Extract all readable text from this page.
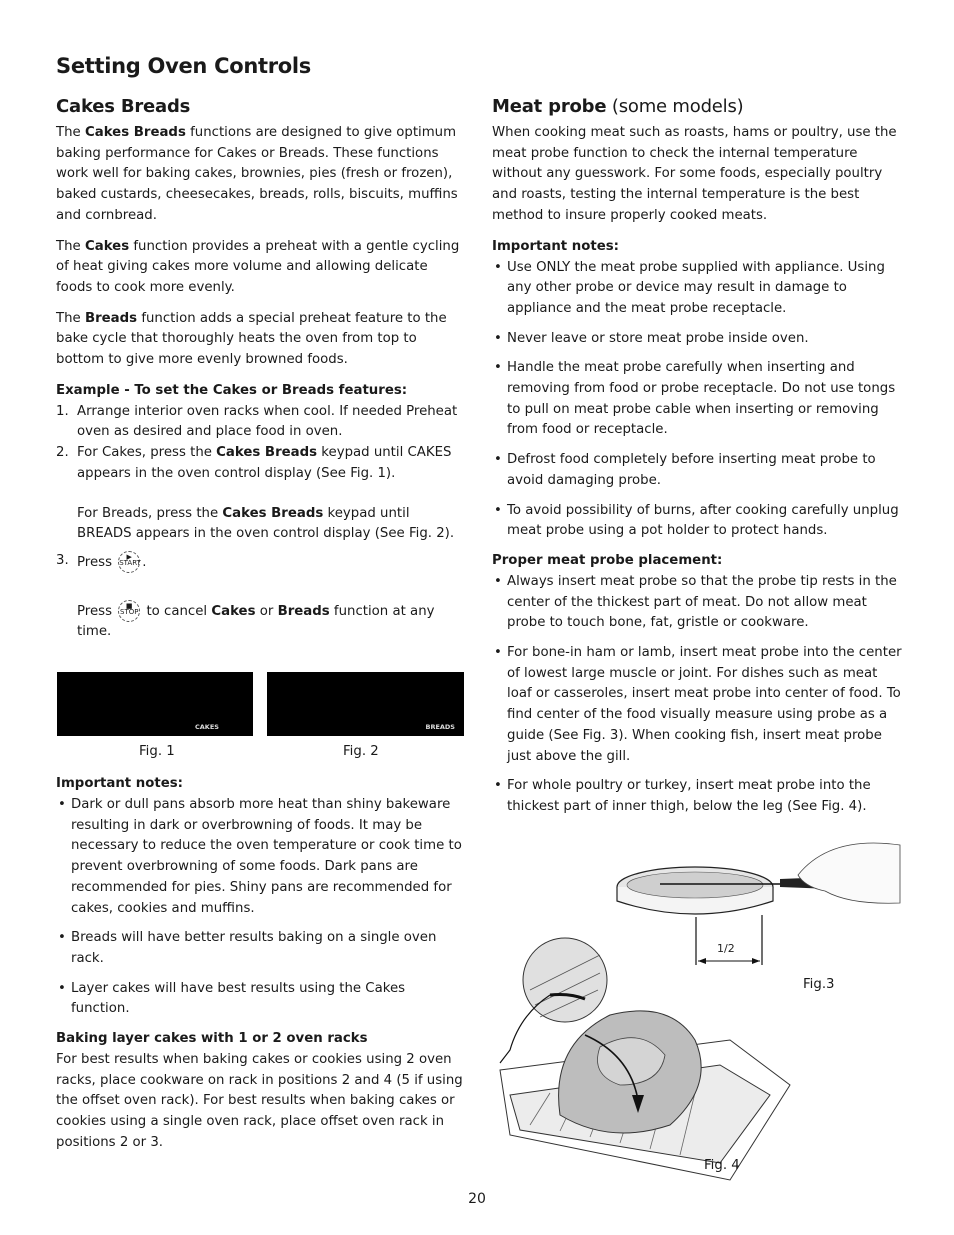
Setting Oven Controls
Cakes Breads

The Cakes Breads functions are designed to give optimum baking performance for Cakes or Breads. These functions work well for baking cakes, brownies, pies (fresh or frozen), baked custards, cheesecakes, breads, rolls, biscuits, muffins and cornbread.

The Cakes function provides a preheat with a gentle cycling of heat giving cakes more volume and allowing delicate foods to cook more evenly.

The Breads function adds a special preheat feature to the bake cycle that thoroughly heats the oven from top to bottom to give more evenly browned foods.

Example - To set the Cakes or Breads features:
1. Arrange interior oven racks when cool. If needed Preheat oven as desired and place food in oven.
2. For Cakes, press the Cakes Breads keypad until CAKES appears in the oven control display (See Fig. 1).
For Breads, press the Cakes Breads keypad until BREADS appears in the oven control display (See Fig. 2).
3. Press	▶
START.
Press	■
STOP to cancel Cakes or Breads function at any time.
CAKES	BREADS
Fig. 1	Fig. 2
Important notes:
• Dark or dull pans absorb more heat than shiny bakeware resulting in dark or overbrowning of foods. It may be necessary to reduce the oven temperature or cook time to prevent overbrowning of some foods. Dark pans are recommended for pies. Shiny pans are recommended for cakes, cookies and muffins.
• Breads will have better results baking on a single oven rack.
• Layer cakes will have best results using the Cakes function.
Baking layer cakes with 1 or 2 oven racks

For best results when baking cakes or cookies using 2 oven racks, place cookware on rack in positions 2 and 4 (5 if using the offset oven rack). For best results when baking cakes or cookies using a single oven rack, place offset oven rack in positions 2 or 3.

Meat probe (some models)

When cooking meat such as roasts, hams or poultry, use the meat probe function to check the internal temperature without any guesswork. For some foods, especially poultry and roasts, testing the internal temperature is the best method to insure properly cooked meats.

Important notes:
• Use ONLY the meat probe supplied with appliance. Using any other probe or device may result in damage to appliance and the meat probe receptacle.
• Never leave or store meat probe inside oven.
• Handle the meat probe carefully when inserting and removing from food or probe receptacle. Do not use tongs to pull on meat probe cable when inserting or removing from food or receptacle.
• Defrost food completely before inserting meat probe to avoid damaging probe.
• To avoid possibility of burns, after cooking carefully unplug meat probe using a pot holder to protect hands.
Proper meat probe placement:
• Always insert meat probe so that the probe tip rests in the center of the thickest part of meat. Do not allow meat probe to touch bone, fat, gristle or cookware.
• For bone-in ham or lamb, insert meat probe into the center of lowest large muscle or joint. For dishes such as meat loaf or casseroles, insert meat probe into center of food. To find center of the food visually measure using probe as a guide (See Fig. 3). When cooking fish, insert meat probe just above the gill.
• For whole poultry or turkey, insert meat probe into the thickest part of inner thigh, below the leg (See Fig. 4).
1/2
Fig.3
Fig. 4
20
